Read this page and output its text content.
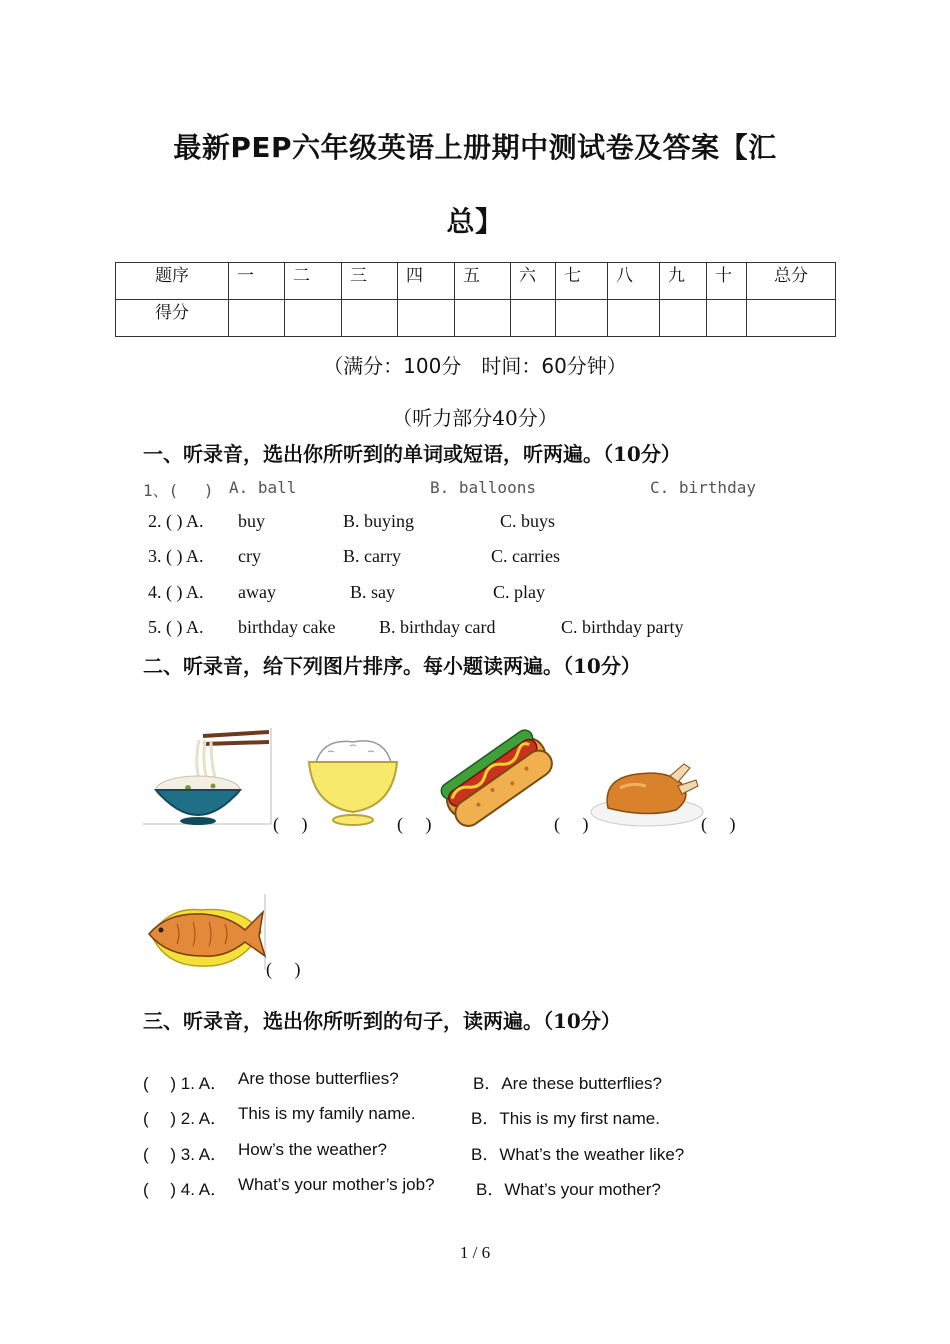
最新PEP六年级英语上册期中测试卷及答案【汇
总】
题序	一	二	三	四	五	六	七	八	九	十	总分
得分											
（满分：100分　时间：60分钟）
（听力部分40分）
一、听录音，选出你所听到的单词或短语，听两遍。（10分）
1、(　 ) A. ball	B. balloons	C. birthday
2. ( ) A. buy	B. buying	C. buys
3. ( ) A. cry	B. carry	C. carries
4. ( ) A. away	B. say	C. play
5. ( ) A. birthday cake B. birthday card	C. birthday party
二、听录音，给下列图片排序。每小题读两遍。（10分）
(　 )	(　 )	(　 )	(　 )
(　 )
三、听录音，选出你所听到的句子，读两遍。（10分）
(　 ) 1. A． Are those butterflies?	B．Are these butterflies?
(　 ) 2. A． This is my family name.	B．This is my first name.
(　 ) 3. A． How’s the weather?	B．What’s the weather like?
(　 ) 4. A． What’s your mother’s job? B．What’s your mother?
1 / 6
